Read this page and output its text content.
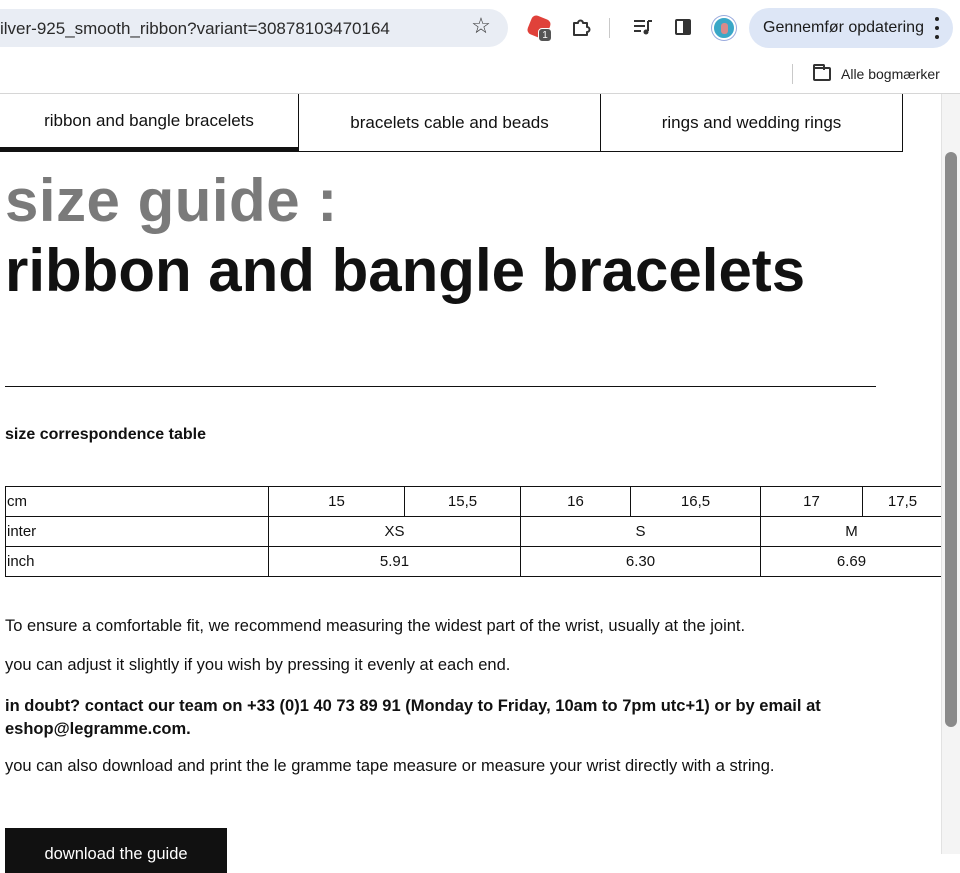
ilver-925_smooth_ribbon?variant=30878103470164	☆	1	Gennemfør opdatering
Alle bogmærker
ribbon and bangle bracelets	bracelets cable and beads	rings and wedding rings
size guide :
ribbon and bangle bracelets
size correspondence table
cm	15	15,5	16	16,5	17	17,5
inter	XS		S		M	
inch	5.91		6.30		6.69	

To ensure a comfortable fit, we recommend measuring the widest part of the wrist, usually at the joint.

you can adjust it slightly if you wish by pressing it evenly at each end.

in doubt? contact our team on +33 (0)1 40 73 89 91 (Monday to Friday, 10am to 7pm utc+1) or by email at eshop@legramme.com.

you can also download and print the le gramme tape measure or measure your wrist directly with a string.

download the guide
